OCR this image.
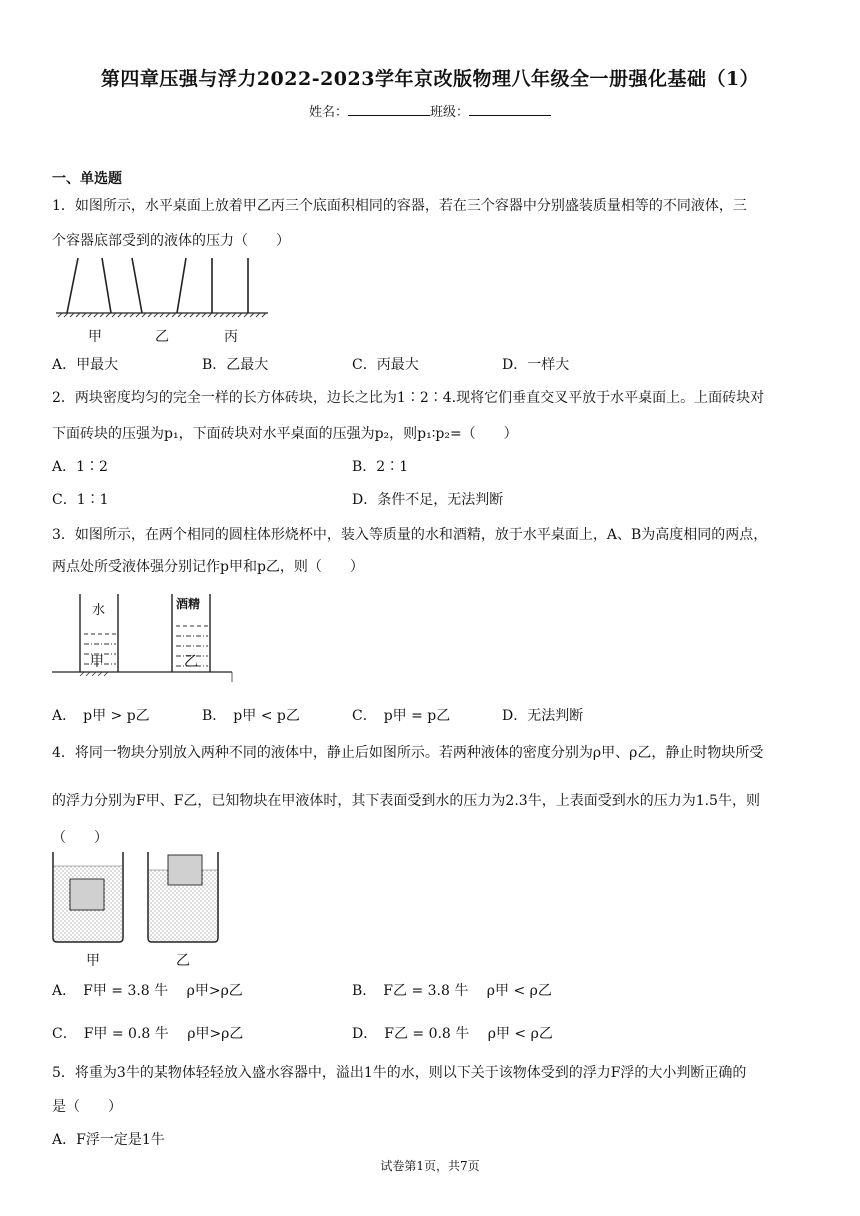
第四章压强与浮力2022-2023学年京改版物理八年级全一册强化基础（1）
姓名：	班级：
一、单选题
1．如图所示，水平桌面上放着甲乙丙三个底面积相同的容器，若在三个容器中分别盛装质量相等的不同液体，三
个容器底部受到的液体的压力（　　）
甲	乙	丙
A．甲最大	B．乙最大	C．丙最大	D．一样大
2．两块密度均匀的完全一样的长方体砖块，边长之比为1∶2∶4.现将它们垂直交叉平放于水平桌面上。上面砖块对
下面砖块的压强为p₁，下面砖块对水平桌面的压强为p₂，则p₁∶p₂=（　　）
A．1∶2	B．2∶1
C．1∶1	D．条件不足，无法判断
3．如图所示，在两个相同的圆柱体形烧杯中，装入等质量的水和酒精，放于水平桌面上，A、B为高度相同的两点，
两点处所受液体强分别记作p甲和p乙，则（　　）
水	酒精
甲	乙
A．　p甲 > p乙	B．　p甲 < p乙	C．　p甲 = p乙	D．无法判断
4．将同一物块分别放入两种不同的液体中，静止后如图所示。若两种液体的密度分别为ρ甲、ρ乙，静止时物块所受
的浮力分别为F甲、F乙，已知物块在甲液体时，其下表面受到水的压力为2.3牛，上表面受到水的压力为1.5牛，则
（　　）
甲	乙
A．　F甲 = 3.8 牛　 ρ甲>ρ乙	B．　F乙 = 3.8 牛　 ρ甲 < ρ乙
C．　F甲 = 0.8 牛　 ρ甲>ρ乙	D．　F乙 = 0.8 牛　 ρ甲 < ρ乙
5．将重为3牛的某物体轻轻放入盛水容器中，溢出1牛的水，则以下关于该物体受到的浮力F浮的大小判断正确的
是（　　）
A．F浮一定是1牛
试卷第1页，共7页
